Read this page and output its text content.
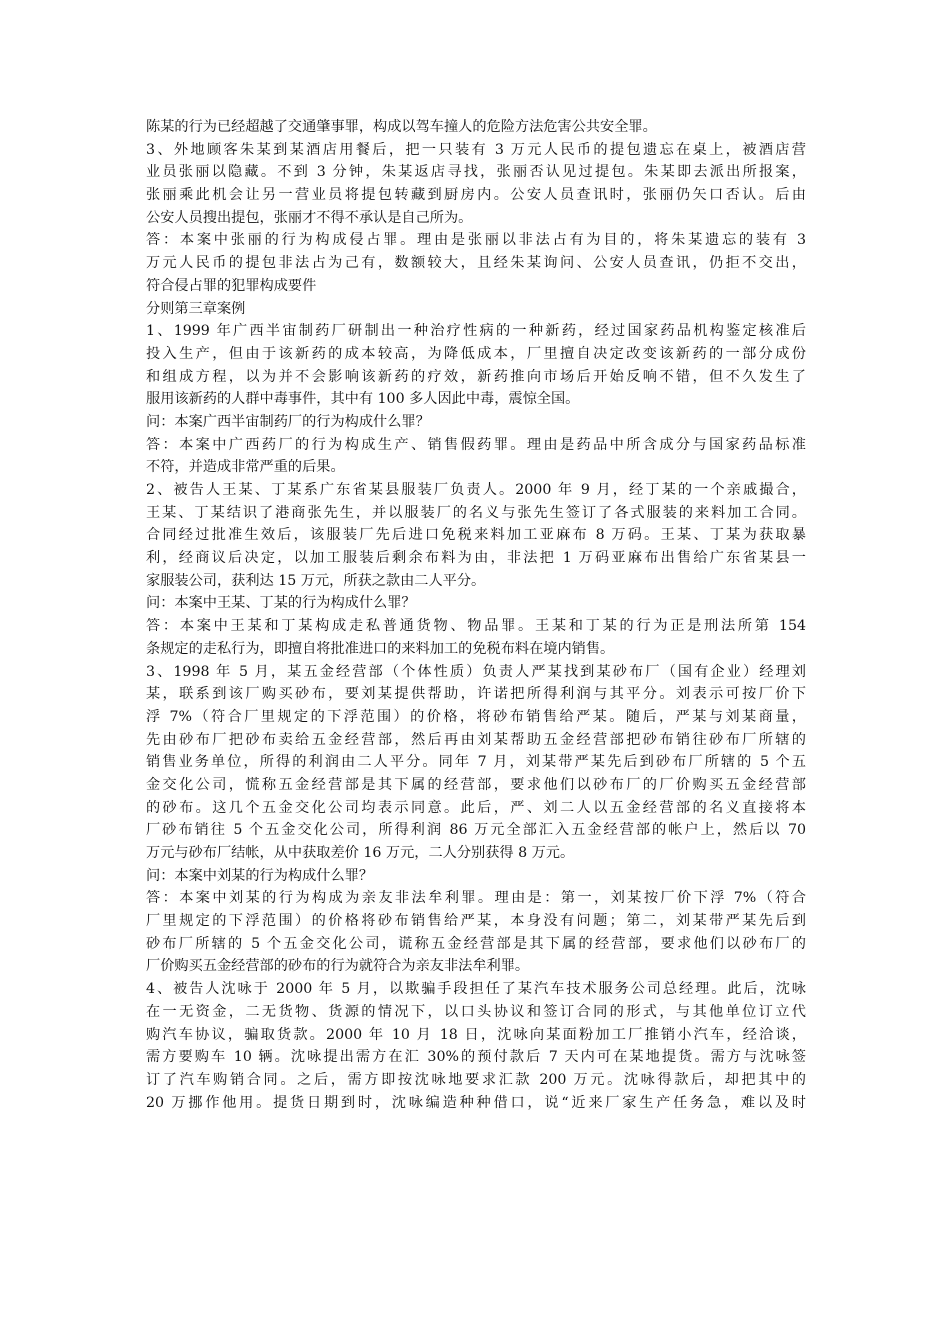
陈某的行为已经超越了交通肇事罪，构成以驾车撞人的危险方法危害公共安全罪。
3、外地顾客朱某到某酒店用餐后，把一只装有 3 万元人民币的提包遗忘在桌上，被酒店营
业员张丽以隐藏。不到 3 分钟，朱某返店寻找，张丽否认见过提包。朱某即去派出所报案，
张丽乘此机会让另一营业员将提包转藏到厨房内。公安人员查讯时，张丽仍矢口否认。后由
公安人员搜出提包，张丽才不得不承认是自己所为。
答：本案中张丽的行为构成侵占罪。理由是张丽以非法占有为目的，将朱某遗忘的装有 3
万元人民币的提包非法占为己有，数额较大，且经朱某询问、公安人员查讯，仍拒不交出，
符合侵占罪的犯罪构成要件
分则第三章案例
1、1999 年广西半宙制药厂研制出一种治疗性病的一种新药，经过国家药品机构鉴定核准后
投入生产，但由于该新药的成本较高，为降低成本，厂里擅自决定改变该新药的一部分成份
和组成方程，以为并不会影响该新药的疗效，新药推向市场后开始反响不错，但不久发生了
服用该新药的人群中毒事件，其中有 100 多人因此中毒，震惊全国。
问：本案广西半宙制药厂的行为构成什么罪？
答：本案中广西药厂的行为构成生产、销售假药罪。理由是药品中所含成分与国家药品标准
不符，并造成非常严重的后果。
2、被告人王某、丁某系广东省某县服装厂负责人。2000 年 9 月，经丁某的一个亲戚撮合，
王某、丁某结识了港商张先生，并以服装厂的名义与张先生签订了各式服装的来料加工合同。
合同经过批准生效后，该服装厂先后进口免税来料加工亚麻布 8 万码。王某、丁某为获取暴
利，经商议后决定，以加工服装后剩余布料为由，非法把 1 万码亚麻布出售给广东省某县一
家服装公司，获利达 15 万元，所获之款由二人平分。
问：本案中王某、丁某的行为构成什么罪？
答：本案中王某和丁某构成走私普通货物、物品罪。王某和丁某的行为正是刑法所第 154
条规定的走私行为，即擅自将批准进口的来料加工的免税布料在境内销售。
3、1998 年 5 月，某五金经营部（个体性质）负责人严某找到某砂布厂（国有企业）经理刘
某，联系到该厂购买砂布，要刘某提供帮助，许诺把所得利润与其平分。刘表示可按厂价下
浮 7%（符合厂里规定的下浮范围）的价格，将砂布销售给严某。随后，严某与刘某商量，
先由砂布厂把砂布卖给五金经营部，然后再由刘某帮助五金经营部把砂布销往砂布厂所辖的
销售业务单位，所得的利润由二人平分。同年 7 月，刘某带严某先后到砂布厂所辖的 5 个五
金交化公司，慌称五金经营部是其下属的经营部，要求他们以砂布厂的厂价购买五金经营部
的砂布。这几个五金交化公司均表示同意。此后，严、刘二人以五金经营部的名义直接将本
厂砂布销往 5 个五金交化公司，所得利润 86 万元全部汇入五金经营部的帐户上，然后以 70
万元与砂布厂结帐，从中获取差价 16 万元，二人分别获得 8 万元。
问：本案中刘某的行为构成什么罪？
答：本案中刘某的行为构成为亲友非法牟利罪。理由是：第一，刘某按厂价下浮 7%（符合
厂里规定的下浮范围）的价格将砂布销售给严某，本身没有问题；第二，刘某带严某先后到
砂布厂所辖的 5 个五金交化公司，谎称五金经营部是其下属的经营部，要求他们以砂布厂的
厂价购买五金经营部的砂布的行为就符合为亲友非法牟利罪。
4、被告人沈咏于 2000 年 5 月，以欺骗手段担任了某汽车技术服务公司总经理。此后，沈咏
在一无资金，二无货物、货源的情况下，以口头协议和签订合同的形式，与其他单位订立代
购汽车协议，骗取货款。2000 年 10 月 18 日，沈咏向某面粉加工厂推销小汽车，经洽谈，
需方要购车 10 辆。沈咏提出需方在汇 30%的预付款后 7 天内可在某地提货。需方与沈咏签
订了汽车购销合同。之后，需方即按沈咏地要求汇款 200 万元。沈咏得款后，却把其中的
20 万挪作他用。提货日期到时，沈咏编造种种借口，说“近来厂家生产任务急，难以及时
